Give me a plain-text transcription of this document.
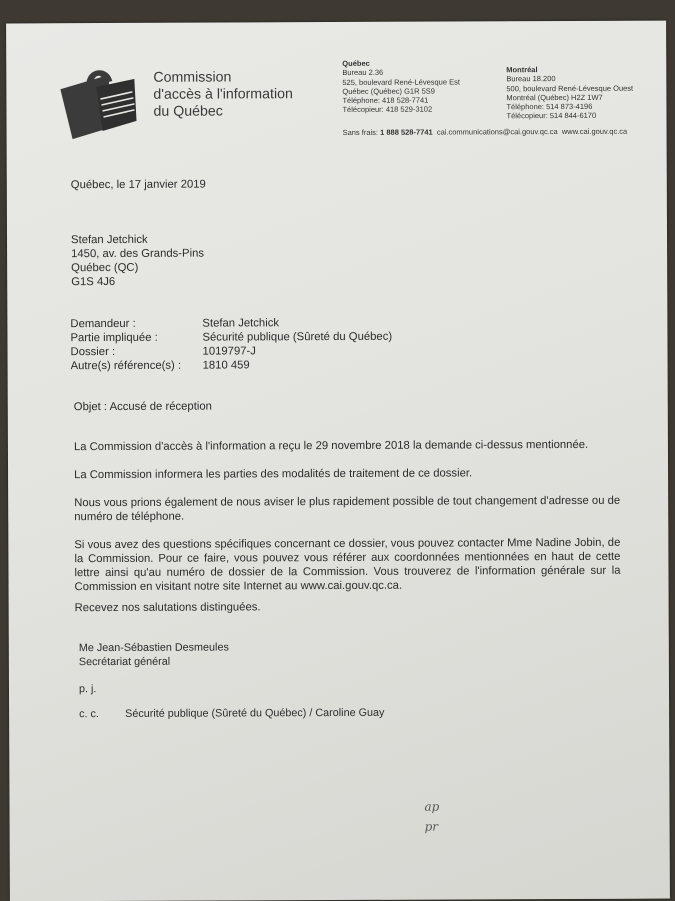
Commission
d'accès à l'information
du Québec
Québec
Bureau 2.36
525, boulevard René-Lévesque Est
Québec (Québec) G1R 5S9
Téléphone: 418 528-7741
Télécopieur: 418 529-3102
Montréal
Bureau 18.200
500, boulevard René-Lévesque Ouest
Montréal (Québec) H2Z 1W7
Téléphone: 514 873-4196
Télécopieur: 514 844-6170
Sans frais: 1 888 528-7741 cai.communications@cai.gouv.qc.ca www.cai.gouv.qc.ca
Québec, le 17 janvier 2019
Stefan Jetchick
1450, av. des Grands-Pins
Québec (QC)
G1S 4J6
Demandeur :	Stefan Jetchick
Partie impliquée :	Sécurité publique (Sûreté du Québec)
Dossier :	1019797-J
Autre(s) référence(s) : 1810 459
Objet : Accusé de réception
La Commission d'accès à l'information a reçu le 29 novembre 2018 la demande ci-dessus mentionnée.
La Commission informera les parties des modalités de traitement de ce dossier.
Nous vous prions également de nous aviser le plus rapidement possible de tout changement d'adresse ou de numéro de téléphone.
Si vous avez des questions spécifiques concernant ce dossier, vous pouvez contacter Mme Nadine Jobin, de la Commission. Pour ce faire, vous pouvez vous référer aux coordonnées mentionnées en haut de cette lettre ainsi qu'au numéro de dossier de la Commission. Vous trouverez de l'information générale sur la Commission en visitant notre site Internet au www.cai.gouv.qc.ca.
Recevez nos salutations distinguées.
Me Jean-Sébastien Desmeules
Secrétariat général
p. j.
c. c. Sécurité publique (Sûreté du Québec) / Caroline Guay
ap
pr
